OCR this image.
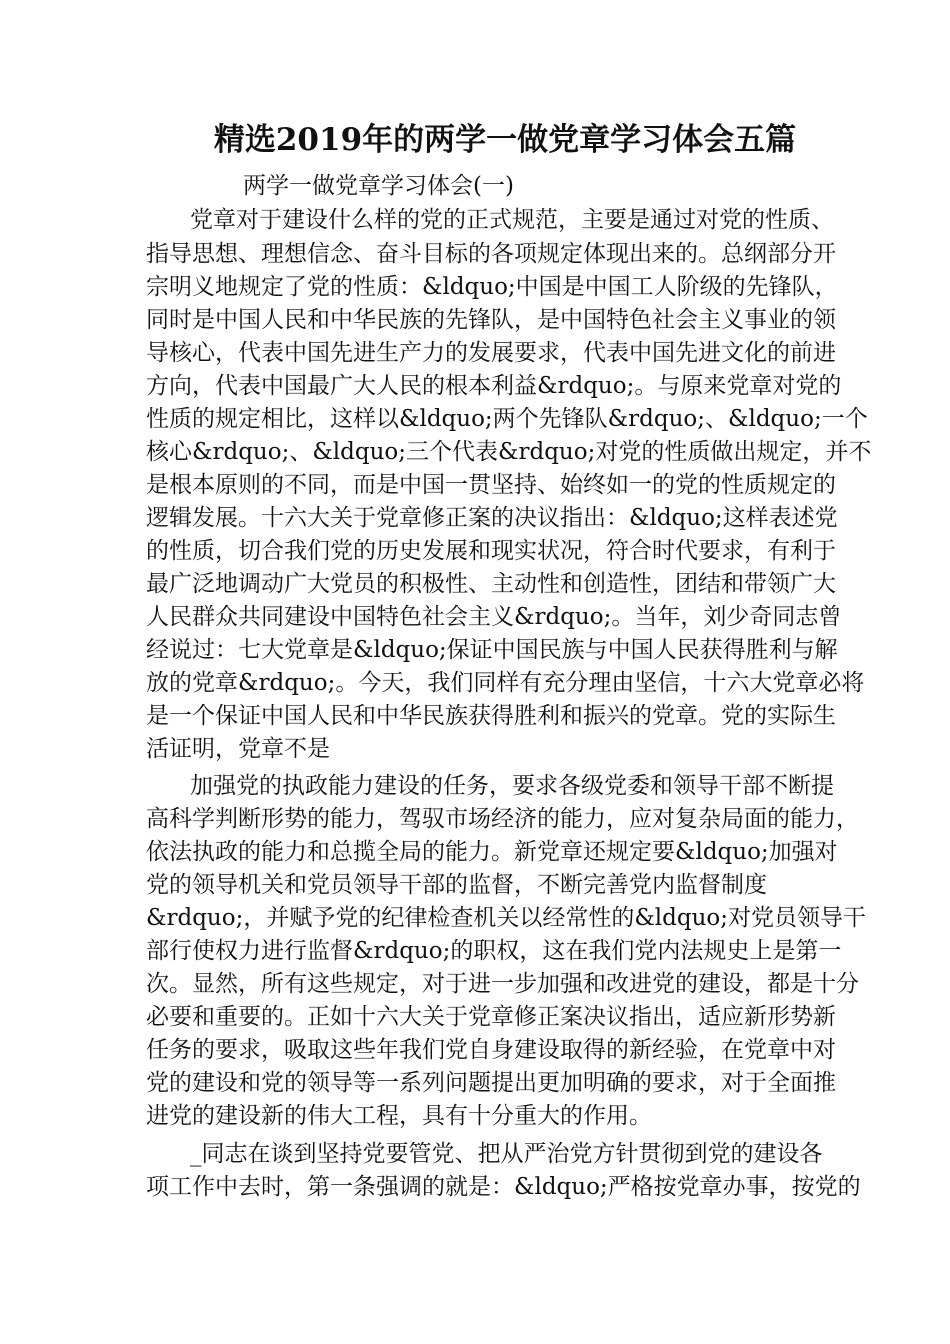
精选2019年的两学一做党章学习体会五篇
两学一做党章学习体会(一)
党章对于建设什么样的党的正式规范，主要是通过对党的性质、
指导思想、理想信念、奋斗目标的各项规定体现出来的。总纲部分开
宗明义地规定了党的性质：&ldquo;中国是中国工人阶级的先锋队，
同时是中国人民和中华民族的先锋队，是中国特色社会主义事业的领
导核心，代表中国先进生产力的发展要求，代表中国先进文化的前进
方向，代表中国最广大人民的根本利益&rdquo;。与原来党章对党的
性质的规定相比，这样以&ldquo;两个先锋队&rdquo;、&ldquo;一个
核心&rdquo;、&ldquo;三个代表&rdquo;对党的性质做出规定，并不
是根本原则的不同，而是中国一贯坚持、始终如一的党的性质规定的
逻辑发展。十六大关于党章修正案的决议指出：&ldquo;这样表述党
的性质，切合我们党的历史发展和现实状况，符合时代要求，有利于
最广泛地调动广大党员的积极性、主动性和创造性，团结和带领广大
人民群众共同建设中国特色社会主义&rdquo;。当年，刘少奇同志曾
经说过：七大党章是&ldquo;保证中国民族与中国人民获得胜利与解
放的党章&rdquo;。今天，我们同样有充分理由坚信，十六大党章必将
是一个保证中国人民和中华民族获得胜利和振兴的党章。党的实际生
活证明，党章不是
加强党的执政能力建设的任务，要求各级党委和领导干部不断提
高科学判断形势的能力，驾驭市场经济的能力，应对复杂局面的能力，
依法执政的能力和总揽全局的能力。新党章还规定要&ldquo;加强对
党的领导机关和党员领导干部的监督，不断完善党内监督制度
&rdquo;，并赋予党的纪律检查机关以经常性的&ldquo;对党员领导干
部行使权力进行监督&rdquo;的职权，这在我们党内法规史上是第一
次。显然，所有这些规定，对于进一步加强和改进党的建设，都是十分
必要和重要的。正如十六大关于党章修正案决议指出，适应新形势新
任务的要求，吸取这些年我们党自身建设取得的新经验，在党章中对
党的建设和党的领导等一系列问题提出更加明确的要求，对于全面推
进党的建设新的伟大工程，具有十分重大的作用。
_同志在谈到坚持党要管党、把从严治党方针贯彻到党的建设各
项工作中去时，第一条强调的就是：&ldquo;严格按党章办事，按党的
